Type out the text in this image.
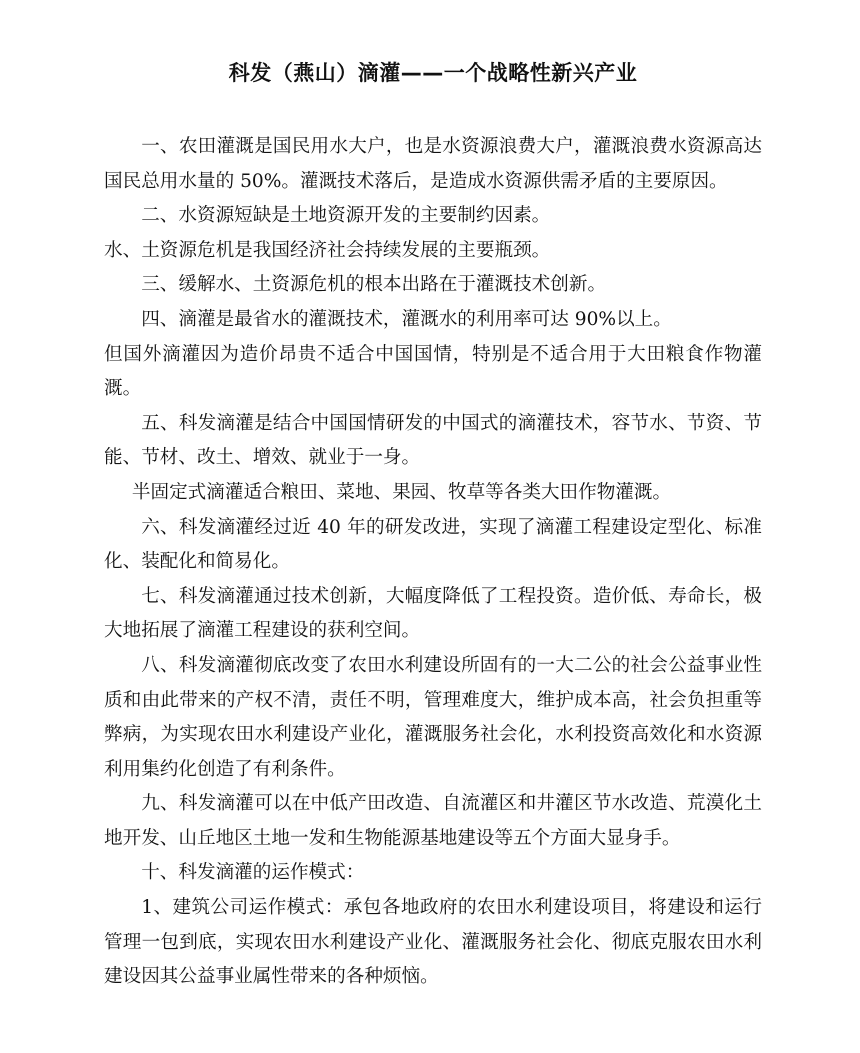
科发（燕山）滴灌——一个战略性新兴产业

一、农田灌溉是国民用水大户，也是水资源浪费大户，灌溉浪费水资源高达国民总用水量的 50%。灌溉技术落后，是造成水资源供需矛盾的主要原因。

二、水资源短缺是土地资源开发的主要制约因素。

水、土资源危机是我国经济社会持续发展的主要瓶颈。

三、缓解水、土资源危机的根本出路在于灌溉技术创新。

四、滴灌是最省水的灌溉技术，灌溉水的利用率可达 90%以上。

但国外滴灌因为造价昂贵不适合中国国情，特别是不适合用于大田粮食作物灌溉。

五、科发滴灌是结合中国国情研发的中国式的滴灌技术，容节水、节资、节能、节材、改土、增效、就业于一身。

半固定式滴灌适合粮田、菜地、果园、牧草等各类大田作物灌溉。

六、科发滴灌经过近 40 年的研发改进，实现了滴灌工程建设定型化、标准化、装配化和简易化。

七、科发滴灌通过技术创新，大幅度降低了工程投资。造价低、寿命长，极大地拓展了滴灌工程建设的获利空间。

八、科发滴灌彻底改变了农田水利建设所固有的一大二公的社会公益事业性质和由此带来的产权不清，责任不明，管理难度大，维护成本高，社会负担重等弊病，为实现农田水利建设产业化，灌溉服务社会化，水利投资高效化和水资源利用集约化创造了有利条件。

九、科发滴灌可以在中低产田改造、自流灌区和井灌区节水改造、荒漠化土地开发、山丘地区土地一发和生物能源基地建设等五个方面大显身手。

十、科发滴灌的运作模式：

1、建筑公司运作模式：承包各地政府的农田水利建设项目，将建设和运行管理一包到底，实现农田水利建设产业化、灌溉服务社会化、彻底克服农田水利建设因其公益事业属性带来的各种烦恼。
